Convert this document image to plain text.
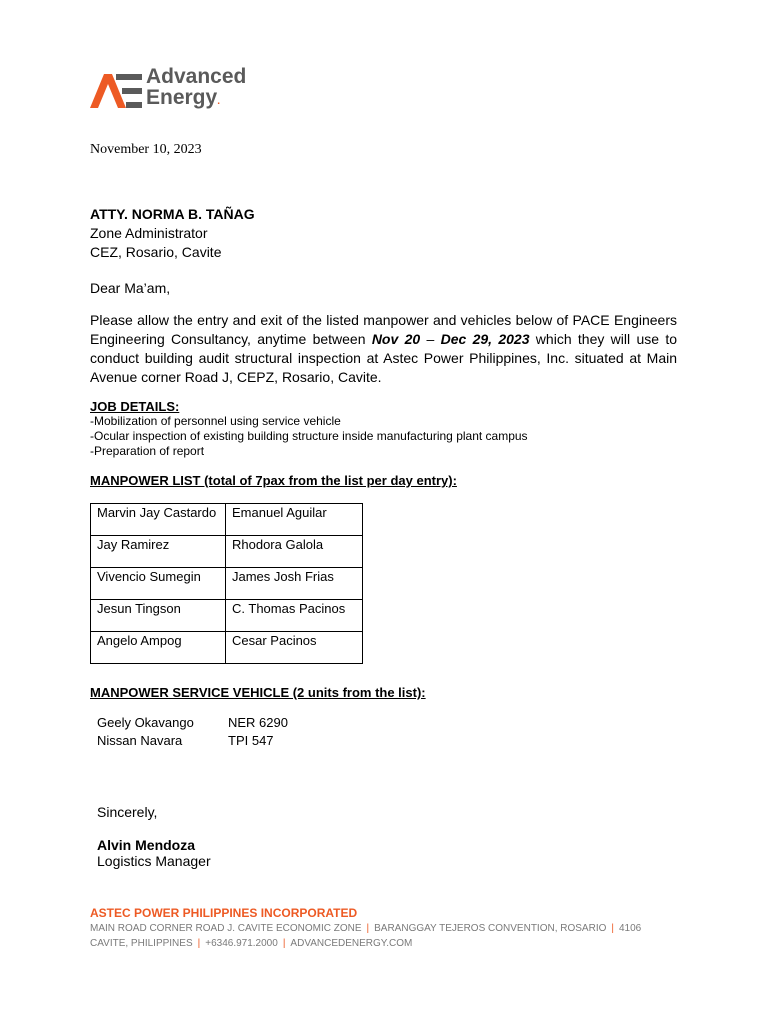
Advanced
Energy.
November 10, 2023
ATTY. NORMA B. TAÑAG
Zone Administrator
CEZ, Rosario, Cavite
Dear Ma’am,
Please allow the entry and exit of the listed manpower and vehicles below of PACE Engineers Engineering Consultancy, anytime between Nov 20 – Dec 29, 2023 which they will use to conduct building audit structural inspection at Astec Power Philippines, Inc. situated at Main Avenue corner Road J, CEPZ, Rosario, Cavite.
JOB DETAILS:
-Mobilization of personnel using service vehicle
-Ocular inspection of existing building structure inside manufacturing plant campus
-Preparation of report
MANPOWER LIST (total of 7pax from the list per day entry):
Marvin Jay Castardo	Emanuel Aguilar
Jay Ramirez	Rhodora Galola
Vivencio Sumegin	James Josh Frias
Jesun Tingson	C. Thomas Pacinos
Angelo Ampog	Cesar Pacinos
MANPOWER SERVICE VEHICLE (2 units from the list):
Geely Okavango	NER 6290
Nissan Navara	TPI 547
Sincerely,
Alvin Mendoza
Logistics Manager
ASTEC POWER PHILIPPINES INCORPORATED
MAIN ROAD CORNER ROAD J. CAVITE ECONOMIC ZONE | BARANGGAY TEJEROS CONVENTION, ROSARIO | 4106
CAVITE, PHILIPPINES | +6346.971.2000 | ADVANCEDENERGY.COM
